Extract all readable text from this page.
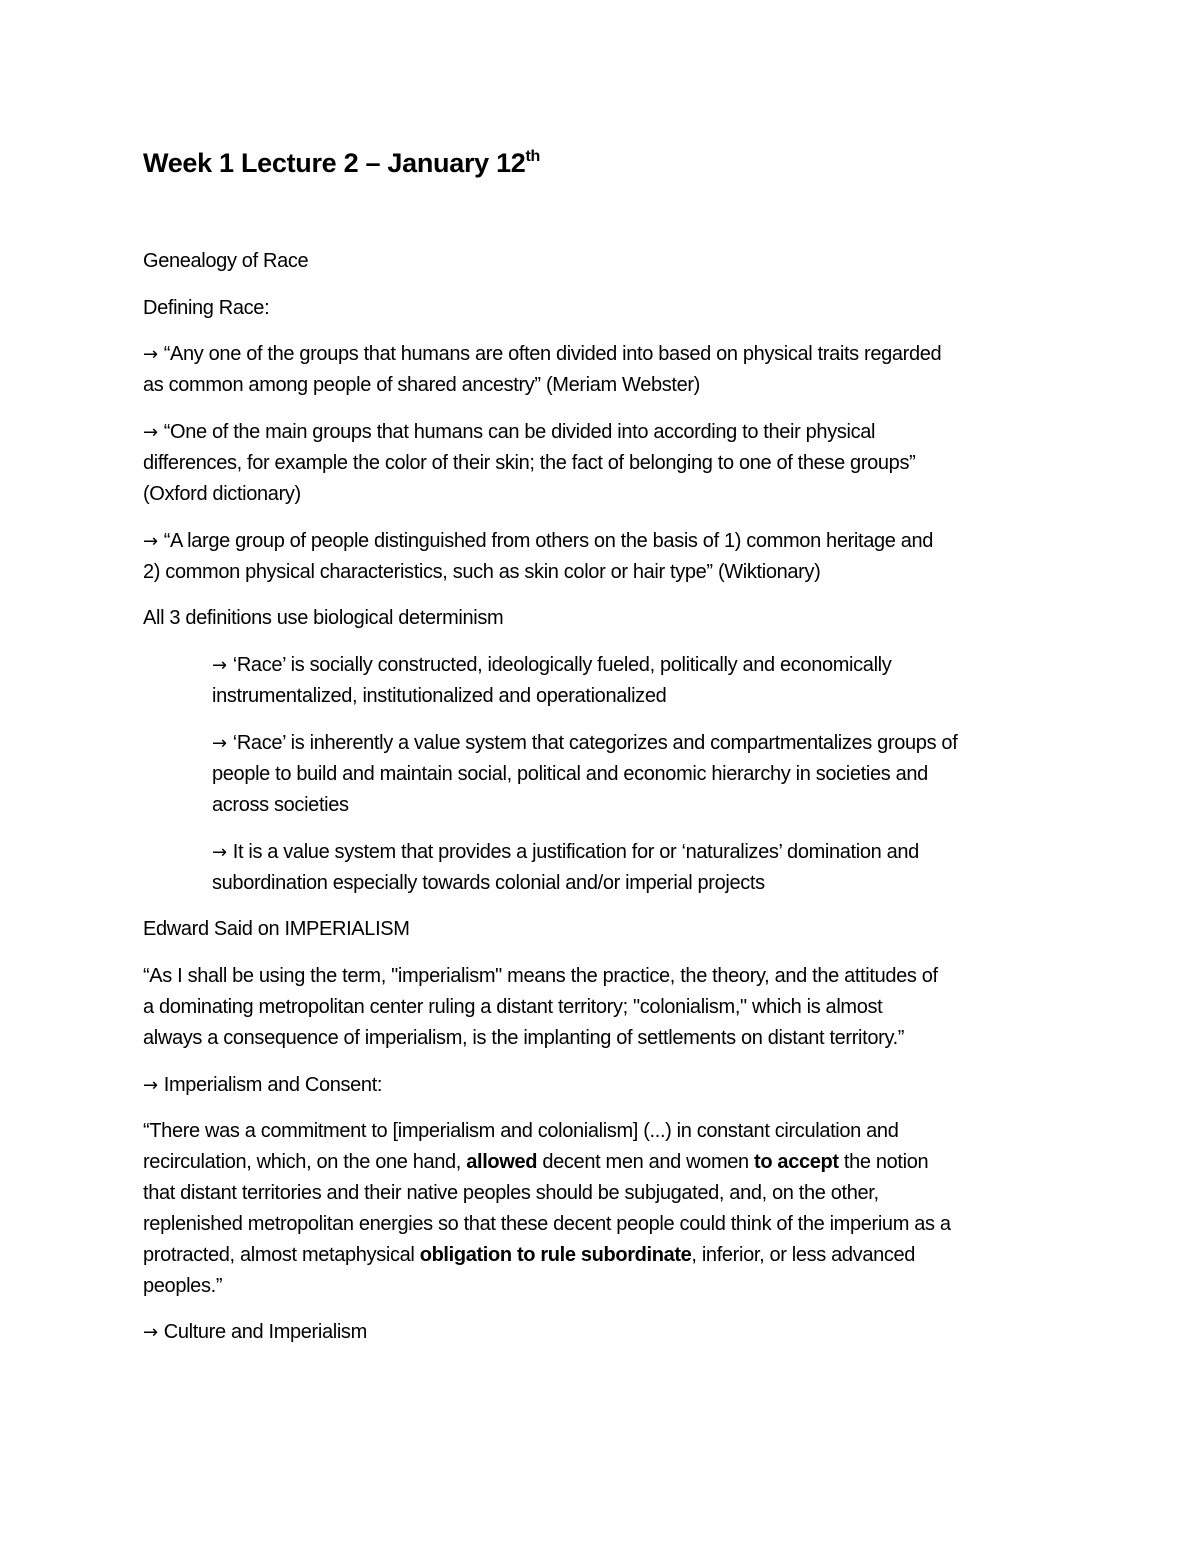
Week 1 Lecture 2 – January 12th
Genealogy of Race
Defining Race:
→ “Any one of the groups that humans are often divided into based on physical traits regarded
as common among people of shared ancestry” (Meriam Webster)
→ “One of the main groups that humans can be divided into according to their physical
differences, for example the color of their skin; the fact of belonging to one of these groups”
(Oxford dictionary)
→ “A large group of people distinguished from others on the basis of 1) common heritage and
2) common physical characteristics, such as skin color or hair type” (Wiktionary)
All 3 definitions use biological determinism
→ ‘Race’ is socially constructed, ideologically fueled, politically and economically
instrumentalized, institutionalized and operationalized
→ ‘Race’ is inherently a value system that categorizes and compartmentalizes groups of
people to build and maintain social, political and economic hierarchy in societies and
across societies
→ It is a value system that provides a justification for or ‘naturalizes’ domination and
subordination especially towards colonial and/or imperial projects
Edward Said on IMPERIALISM
“As I shall be using the term, "imperialism" means the practice, the theory, and the attitudes of
a dominating metropolitan center ruling a distant territory; "colonialism," which is almost
always a consequence of imperialism, is the implanting of settlements on distant territory.”
→ Imperialism and Consent:
“There was a commitment to [imperialism and colonialism] (...) in constant circulation and
recirculation, which, on the one hand, allowed decent men and women to accept the notion
that distant territories and their native peoples should be subjugated, and, on the other,
replenished metropolitan energies so that these decent people could think of the imperium as a
protracted, almost metaphysical obligation to rule subordinate, inferior, or less advanced
peoples.”
→ Culture and Imperialism
